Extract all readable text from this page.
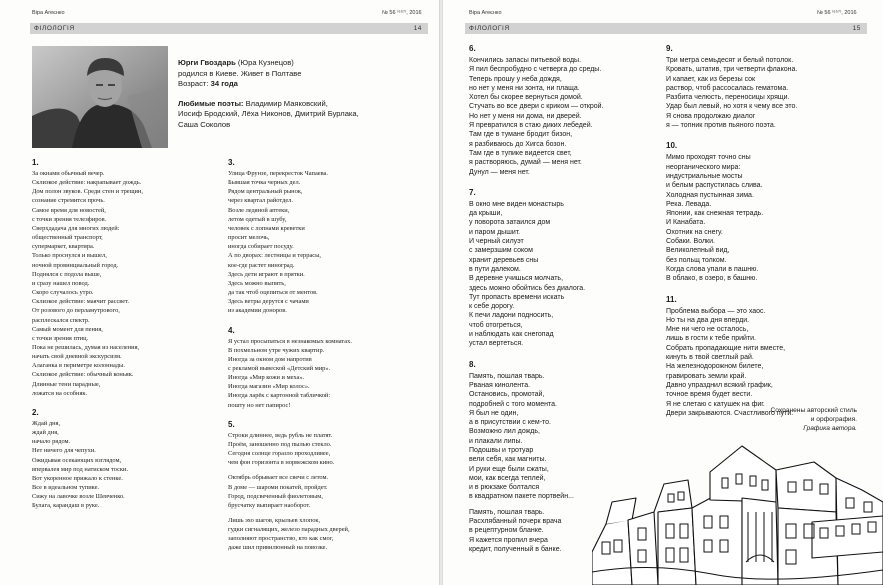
Віра Агеєнко	№ 56 ⁽⁶⁵⁷⁾, 2016
ФІЛОЛОГІЯ	14

Юрги Гвоздарь (Юра Кузнецов)

родился в Киеве. Живет в Полтаве

Возраст: 34 года

Любимые поэты: Владимир Маяковский,

Иосиф Бродский, Лёха Никонов, Дмитрий Бурлака,

Саша Соколов

1.
За окнами обычный вечер.
Склизкое действие: накрапывает дождь.
Дом полон звуков. Среди стен и трещин,
сознание стремится прочь.
Самое время для новостей,
с точки зрения телезфиров.
Сверхдадача для многих людей:
общественный транспорт,
супермаркет, квартира.
Только проснулся и вышел,
ночной провинциальный город.
Поднялся с подола выше,
и сразу нашел повод.
Скоро случалось утро.
Склизкое действие: маячит рассвет.
От розового до перламутрового,
расплескался спектр.
Самый момент для пения,
с точки зрения птиц.
Пока не решилась, думая из населения,
начать свой дневной экскурсизм.
Алаганка в периметре колоннады.
Склизкое действие: обычный коньяк.
Длинные тени парадные,
ложатся на особняк.
2.
Ждай дня,
ждай дня,
начало рядом.
Нет ничего для чепухи.
Ожидывая осекающих взглядом,
впервалея мир под натиском тоски.
Вот укоренное прижало к стенке.
Все в идеальном тупике.
Сижу на лавочке возле Шевченко.
Булага, карандаш в руке.
3.
Улица Фрунзе, перекресток Чапаева.
Бывшая точка черных дел.
Рядом центральный рынок,
через квартал райотдел.
Возле ледяной аптеки,
летом одетый в шубу,
человек с лопнами креветки
просит мелочь,
иногда собирает посуду.
А по дворах: лестницы и террасы,
кое-где растет виноград.
Здесь дети играют в прятки.
Здесь можно выпить,
да так чтоб оцепиться от ментов.
Здесь ветры дерутся с чачами
из академии доноров.
4.
Я устал просыпаться в незнакомых комнатах.
В похмельном утре чужих квартир.
Иногда за окном дом напротив
с рекламой вывеской «Детский мир».
Иногда «Мир кожи и меха».
Иногда магазин «Мир колос».
Иногда ларёк с картонной табличкой:
пошту но нет папирос!
5.
Строки длиннее, ведь рубль не платят.
Проём, заношенно под пылью стекло.
Сегодня солнце горазло проходливее,
чем фон горизонта в норвежском кино.
Октябрь обрывает все свечи с летом.
В доме — шароми покатей, пройдет.
Город, подсвеченный фиолетовым,
брусчатку выпирает наоборот.
Лишь эхо шагов, крыльев хлопок,
гудки сигналящих, железо парадных дверей,
заполняют пространство, кто как смог,
даже шил привилюнный на повозке.
Віра Агеєнко	№ 56 ⁽⁶⁵⁷⁾, 2016
ФІЛОЛОГІЯ	15
6.
Кончились запасы питьевой воды.
Я пил беспробудно с четверга до среды.
Теперь прошу у неба дождя,
но нет у меня ни зонта, ни плаща.
Хотел бы скорее вернуться домой.
Стучать во все двери с криком — открой.
Но нет у меня ни дома, ни дверей.
Я превратился в стаю диких лебедей.
Там где в тумане бродит бизон,
я разбиваюсь до Хигса бозон.
Там где в тупике видеется свет,
я растворяюсь, думай — меня нет.
Дунул — меня нет.
7.
В окно мне виден монастырь
да крыши,
у поворота затаился дом
и паром дышит.
И черный силуэт
с замерзшим соком
хранит деревьев сны
в пути далеком.
В деревне учишься молчать,
здесь можно обойтись без диалога.
Тут пропасть времени искать
к себе дорогу.
К печи ладони подносить,
чтоб отогреться,
и наблюдать как снегопад
устал вертеться.
8.
Память, пошлая тварь.
Рваная кинолента.
Остановись, промотай,
подробней с того момента.
Я был не один,
а в присутствии с кем-то.
Возможно лил дождь,
и плакали липы.
Подошвы и тротуар
вели себя, как магниты.
И руки еще были сжаты,
мои, как всегда теплей,
и в рюкзаке болтался
в квадратном пакете портвейн...
Память, пошлая тварь.
Расхлябанный почерк врача
в рецептурном бланке.
Я кажется пропил вчера
кредит, полученный в банке.
9.
Три метра семьдесят и белый потолок.
Кровать, штатив, три четверти флакона.
И капает, как из березы сок
раствор, чтоб рассосалась гематома.
Разбита челюсть, переносицы хрящи.
Удар был левый, но хотя к чему все это.
Я снова продолжаю диалог
я — топник против пьяного поэта.
10.
Мимо проходят точно сны
неорганического мира:
индустриальные мосты
и белым распустилась слива.
Холодная пустынная зима.
Река. Левада.
Японии, как снежная тетрадь.
И Канабата.
Охотник на снегу.
Собаки. Волки.
Великолепный вид,
без польщ толком.
Когда слова упали в пашню.
В облако, в озеро, в башню.
11.
Проблема выбора — это хаос.
Но ты на два дня вперди.
Мне ни чего не осталось,
лишь в гости к тебе прийти.
Собрать пропадающие нити вместе,
кинуть в твой светлый рай.
На железнодорожном билете,
гравировать земли край.
Давно упразднил всякий график,
точное время будет вести.
Я не слетаю с катушек на фиг.
Двери закрываются. Счастливого пути.
Сохранены авторский стиль
и орфография.
Графика автора.
